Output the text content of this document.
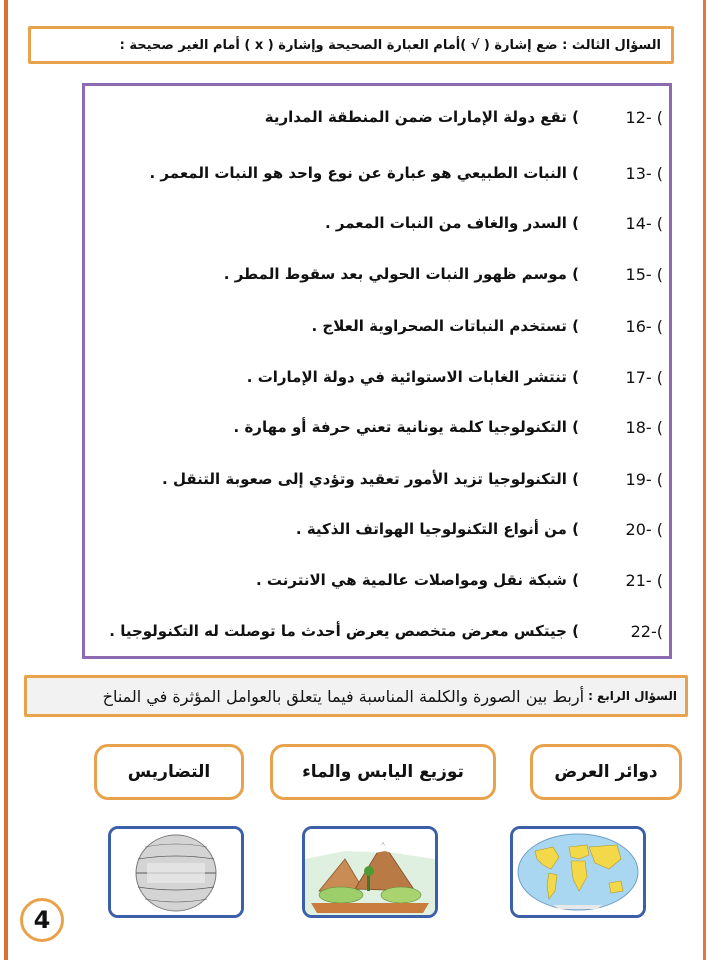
السؤال الثالث : ضع إشارة ( √ )أمام العبارة الصحيحة وإشارة ( x ) أمام الغير صحيحة :
12- (
) تقع دولة الإمارات ضمن المنطقة المدارية
13- (
) النبات الطبيعي هو عبارة عن نوع واحد هو النبات المعمر .
14- (
) السدر والغاف من النبات المعمر .
15- (
) موسم ظهور النبات الحولي بعد سقوط المطر .
16- (
) تستخدم النباتات الصحراوية العلاج .
17- (
) تنتشر الغابات الاستوائية في دولة الإمارات .
18- (
) التكنولوجيا كلمة يونانية تعني حرفة أو مهارة .
19- (
) التكنولوجيا تزيد الأمور تعقيد وتؤدي إلى صعوبة التنقل .
20- (
) من أنواع التكنولوجيا الهواتف الذكية .
21- (
) شبكة نقل ومواصلات عالمية هي الانترنت .
22-(
) جيتكس معرض متخصص يعرض أحدث ما توصلت له التكنولوجيا .
السؤال الرابع :
أربط بين الصورة والكلمة المناسبة فيما يتعلق بالعوامل المؤثرة في المناخ
دوائر العرض
توزيع اليابس والماء
التضاريس
4
